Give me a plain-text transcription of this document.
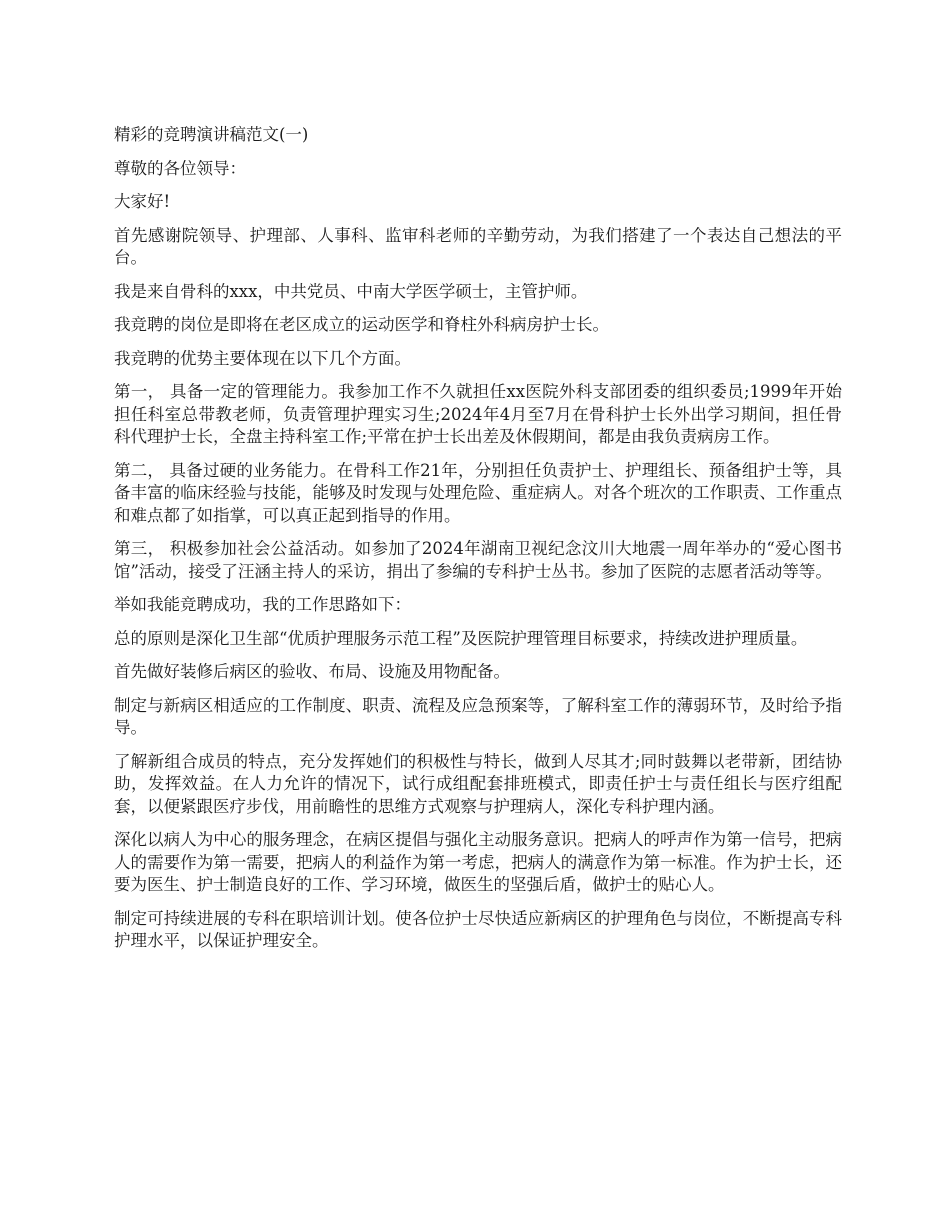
精彩的竞聘演讲稿范文(一)

尊敬的各位领导：

大家好!

首先感谢院领导、护理部、人事科、监审科老师的辛勤劳动，为我们搭建了一个表达自己想法的平台。

我是来自骨科的xxx，中共党员、中南大学医学硕士，主管护师。

我竞聘的岗位是即将在老区成立的运动医学和脊柱外科病房护士长。

我竞聘的优势主要体现在以下几个方面。

第一， 具备一定的管理能力。我参加工作不久就担任xx医院外科支部团委的组织委员;1999年开始担任科室总带教老师，负责管理护理实习生;2024年4月至7月在骨科护士长外出学习期间，担任骨科代理护士长，全盘主持科室工作;平常在护士长出差及休假期间，都是由我负责病房工作。

第二， 具备过硬的业务能力。在骨科工作21年，分别担任负责护士、护理组长、预备组护士等，具备丰富的临床经验与技能，能够及时发现与处理危险、重症病人。对各个班次的工作职责、工作重点和难点都了如指掌，可以真正起到指导的作用。

第三， 积极参加社会公益活动。如参加了2024年湖南卫视纪念汶川大地震一周年举办的“爱心图书馆”活动，接受了汪涵主持人的采访，捐出了参编的专科护士丛书。参加了医院的志愿者活动等等。

举如我能竞聘成功，我的工作思路如下：

总的原则是深化卫生部“优质护理服务示范工程”及医院护理管理目标要求，持续改进护理质量。

首先做好装修后病区的验收、布局、设施及用物配备。

制定与新病区相适应的工作制度、职责、流程及应急预案等，了解科室工作的薄弱环节，及时给予指导。

了解新组合成员的特点，充分发挥她们的积极性与特长，做到人尽其才;同时鼓舞以老带新，团结协助，发挥效益。在人力允许的情况下，试行成组配套排班模式，即责任护士与责任组长与医疗组配套，以便紧跟医疗步伐，用前瞻性的思维方式观察与护理病人，深化专科护理内涵。

深化以病人为中心的服务理念，在病区提倡与强化主动服务意识。把病人的呼声作为第一信号，把病人的需要作为第一需要，把病人的利益作为第一考虑，把病人的满意作为第一标准。作为护士长，还要为医生、护士制造良好的工作、学习环境，做医生的坚强后盾，做护士的贴心人。

制定可持续进展的专科在职培训计划。使各位护士尽快适应新病区的护理角色与岗位，不断提高专科护理水平，以保证护理安全。
